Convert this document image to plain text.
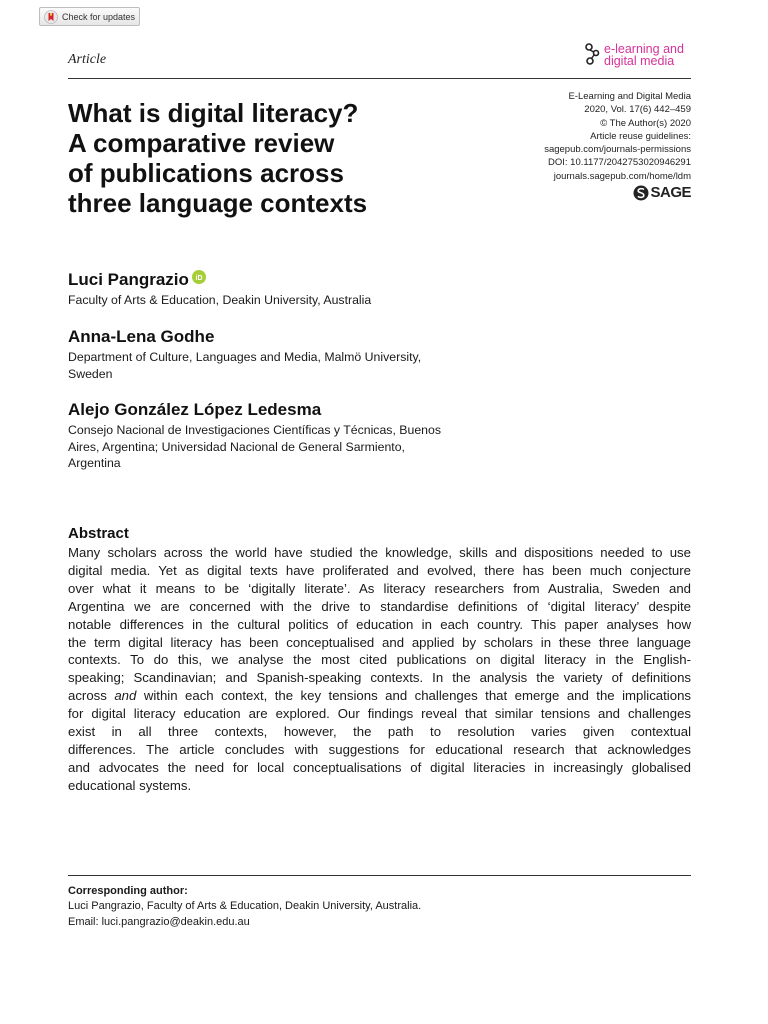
Check for updates
Article
e-learning and
digital media
What is digital literacy?
A comparative review
of publications across
three language contexts
E-Learning and Digital Media
2020, Vol. 17(6) 442–459
© The Author(s) 2020
Article reuse guidelines:
sagepub.com/journals-permissions
DOI: 10.1177/2042753020946291
journals.sagepub.com/home/ldm
SAGE
Luci Pangrazio iD
Faculty of Arts & Education, Deakin University, Australia
Anna-Lena Godhe
Department of Culture, Languages and Media, Malmö University,
Sweden
Alejo González López Ledesma
Consejo Nacional de Investigaciones Científicas y Técnicas, Buenos
Aires, Argentina; Universidad Nacional de General Sarmiento,
Argentina
Abstract
Many scholars across the world have studied the knowledge, skills and dispositions needed to use
digital media. Yet as digital texts have proliferated and evolved, there has been much conjecture
over what it means to be ‘digitally literate’. As literacy researchers from Australia, Sweden and
Argentina we are concerned with the drive to standardise definitions of ‘digital literacy’ despite
notable differences in the cultural politics of education in each country. This paper analyses how
the term digital literacy has been conceptualised and applied by scholars in these three language
contexts. To do this, we analyse the most cited publications on digital literacy in the English-
speaking; Scandinavian; and Spanish-speaking contexts. In the analysis the variety of definitions
across and within each context, the key tensions and challenges that emerge and the implications
for digital literacy education are explored. Our findings reveal that similar tensions and challenges
exist in all three contexts, however, the path to resolution varies given contextual
differences. The article concludes with suggestions for educational research that acknowledges
and advocates the need for local conceptualisations of digital literacies in increasingly globalised
educational systems.
Corresponding author:
Luci Pangrazio, Faculty of Arts & Education, Deakin University, Australia.
Email: luci.pangrazio@deakin.edu.au
